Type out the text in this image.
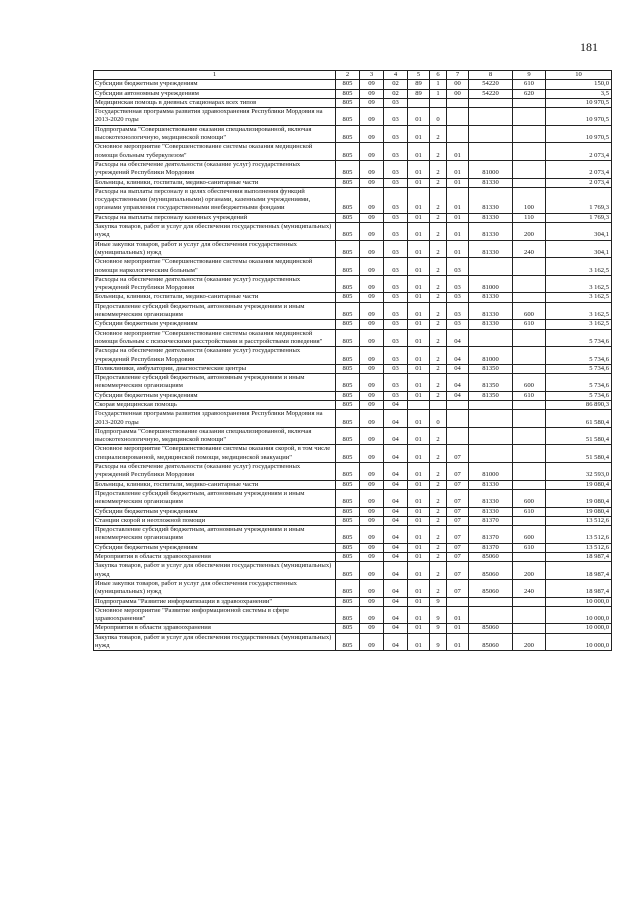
181
1	2	3	4	5	6	7	8	9	10
Субсидии бюджетным учреждениям	805	09	02	89	1	00	54220	610	150,0
Субсидии автономным учреждениям	805	09	02	89	1	00	54220	620	3,5
Медицинская помощь в дневных стационарах всех типов	805	09	03						10 970,5
Государственная программа развития здравоохранения Республики Мордовия на 2013-2020 годы	805	09	03	01	0				10 970,5
Подпрограмма "Совершенствование оказания специализированной, включая высокотехнологичную, медицинской помощи"	805	09	03	01	2				10 970,5
Основное мероприятие "Совершенствование системы оказания медицинской помощи больным туберкулезом"	805	09	03	01	2	01			2 073,4
Расходы на обеспечение деятельности (оказание услуг) государственных учреждений Республики Мордовия	805	09	03	01	2	01	81000		2 073,4
Больницы, клиники, госпитали, медико-санитарные части	805	09	03	01	2	01	81330		2 073,4
Расходы на выплаты персоналу в целях обеспечения выполнения функций государственными (муниципальными) органами, казенными учреждениями, органами управления государственными внебюджетными фондами	805	09	03	01	2	01	81330	100	1 769,3
Расходы на выплаты персоналу казенных учреждений	805	09	03	01	2	01	81330	110	1 769,3
Закупка товаров, работ и услуг для обеспечения государственных (муниципальных) нужд	805	09	03	01	2	01	81330	200	304,1
Иные закупки товаров, работ и услуг для обеспечения государственных (муниципальных) нужд	805	09	03	01	2	01	81330	240	304,1
Основное мероприятие "Совершенствование системы оказания медицинской помощи наркологическим больным"	805	09	03	01	2	03			3 162,5
Расходы на обеспечение деятельности (оказание услуг) государственных учреждений Республики Мордовия	805	09	03	01	2	03	81000		3 162,5
Больницы, клиники, госпитали, медико-санитарные части	805	09	03	01	2	03	81330		3 162,5
Предоставление субсидий бюджетным, автономным учреждениям и иным некоммерческим организациям	805	09	03	01	2	03	81330	600	3 162,5
Субсидии бюджетным учреждениям	805	09	03	01	2	03	81330	610	3 162,5
Основное мероприятие "Совершенствование системы оказания медицинской помощи больным с психическими расстройствами и расстройствами поведения"	805	09	03	01	2	04			5 734,6
Расходы на обеспечение деятельности (оказание услуг) государственных учреждений Республики Мордовия	805	09	03	01	2	04	81000		5 734,6
Поликлиники, амбулатории, диагностические центры	805	09	03	01	2	04	81350		5 734,6
Предоставление субсидий бюджетным, автономным учреждениям и иным некоммерческим организациям	805	09	03	01	2	04	81350	600	5 734,6
Субсидии бюджетным учреждениям	805	09	03	01	2	04	81350	610	5 734,6
Скорая медицинская помощь	805	09	04						86 890,3
Государственная программа развития здравоохранения Республики Мордовия на 2013-2020 годы	805	09	04	01	0				61 580,4
Подпрограмма "Совершенствование оказания специализированной, включая высокотехнологичную, медицинской помощи"	805	09	04	01	2				51 580,4
Основное мероприятие "Совершенствование системы оказания скорой, в том числе специализированной, медицинской помощи, медицинской эвакуации"	805	09	04	01	2	07			51 580,4
Расходы на обеспечение деятельности (оказание услуг) государственных учреждений Республики Мордовия	805	09	04	01	2	07	81000		32 593,0
Больницы, клиники, госпитали, медико-санитарные части	805	09	04	01	2	07	81330		19 080,4
Предоставление субсидий бюджетным, автономным учреждениям и иным некоммерческим организациям	805	09	04	01	2	07	81330	600	19 080,4
Субсидии бюджетным учреждениям	805	09	04	01	2	07	81330	610	19 080,4
Станции скорой и неотложной помощи	805	09	04	01	2	07	81370		13 512,6
Предоставление субсидий бюджетным, автономным учреждениям и иным некоммерческим организациям	805	09	04	01	2	07	81370	600	13 512,6
Субсидии бюджетным учреждениям	805	09	04	01	2	07	81370	610	13 512,6
Мероприятия в области здравоохранения	805	09	04	01	2	07	85060		18 987,4
Закупка товаров, работ и услуг для обеспечения государственных (муниципальных) нужд	805	09	04	01	2	07	85060	200	18 987,4
Иные закупки товаров, работ и услуг для обеспечения государственных (муниципальных) нужд	805	09	04	01	2	07	85060	240	18 987,4
Подпрограмма "Развитие информатизации в здравоохранении"	805	09	04	01	9				10 000,0
Основное мероприятие "Развитие информационной системы в сфере здравоохранения"	805	09	04	01	9	01			10 000,0
Мероприятия в области здравоохранения	805	09	04	01	9	01	85060		10 000,0
Закупка товаров, работ и услуг для обеспечения государственных (муниципальных) нужд	805	09	04	01	9	01	85060	200	10 000,0
